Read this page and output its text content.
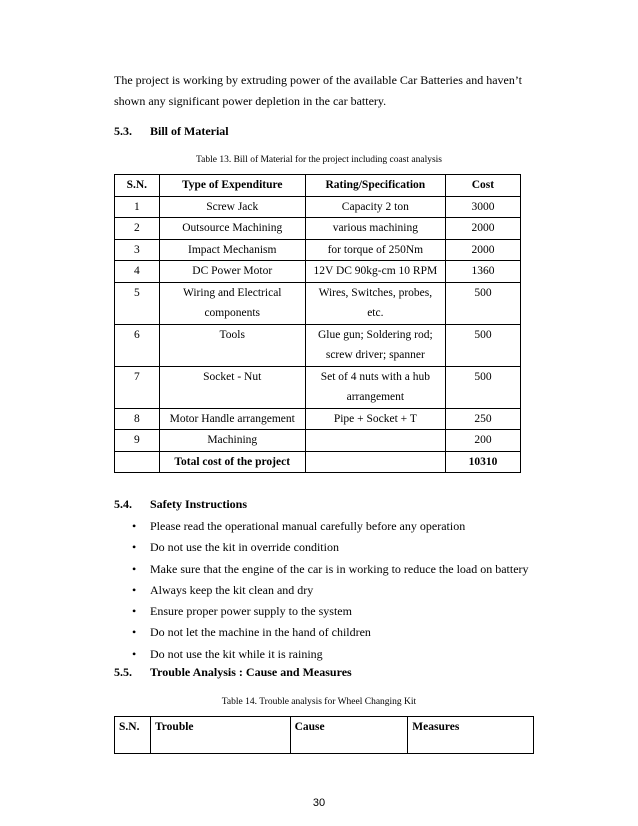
The project is working by extruding power of the available Car Batteries and haven’t shown any significant power depletion in the car battery.
5.3. Bill of Material
Table 13. Bill of Material for the project including coast analysis
S.N.	Type of Expenditure	Rating/Specification	Cost
1	Screw Jack	Capacity 2 ton	3000
2	Outsource Machining	various machining	2000
3	Impact Mechanism	for torque of 250Nm	2000
4	DC Power Motor	12V DC 90kg-cm 10 RPM	1360
5	Wiring and Electrical components	Wires, Switches, probes, etc.	500
6	Tools	Glue gun; Soldering rod; screw driver; spanner	500
7	Socket - Nut	Set of 4 nuts with a hub arrangement	500
8	Motor Handle arrangement	Pipe + Socket + T	250
9	Machining		200
	Total cost of the project		10310
5.4. Safety Instructions
• Please read the operational manual carefully before any operation
• Do not use the kit in override condition
• Make sure that the engine of the car is in working to reduce the load on battery
• Always keep the kit clean and dry
• Ensure proper power supply to the system
• Do not let the machine in the hand of children
• Do not use the kit while it is raining
5.5. Trouble Analysis : Cause and Measures
Table 14. Trouble analysis for Wheel Changing Kit
S.N.	Trouble	Cause	Measures
30
